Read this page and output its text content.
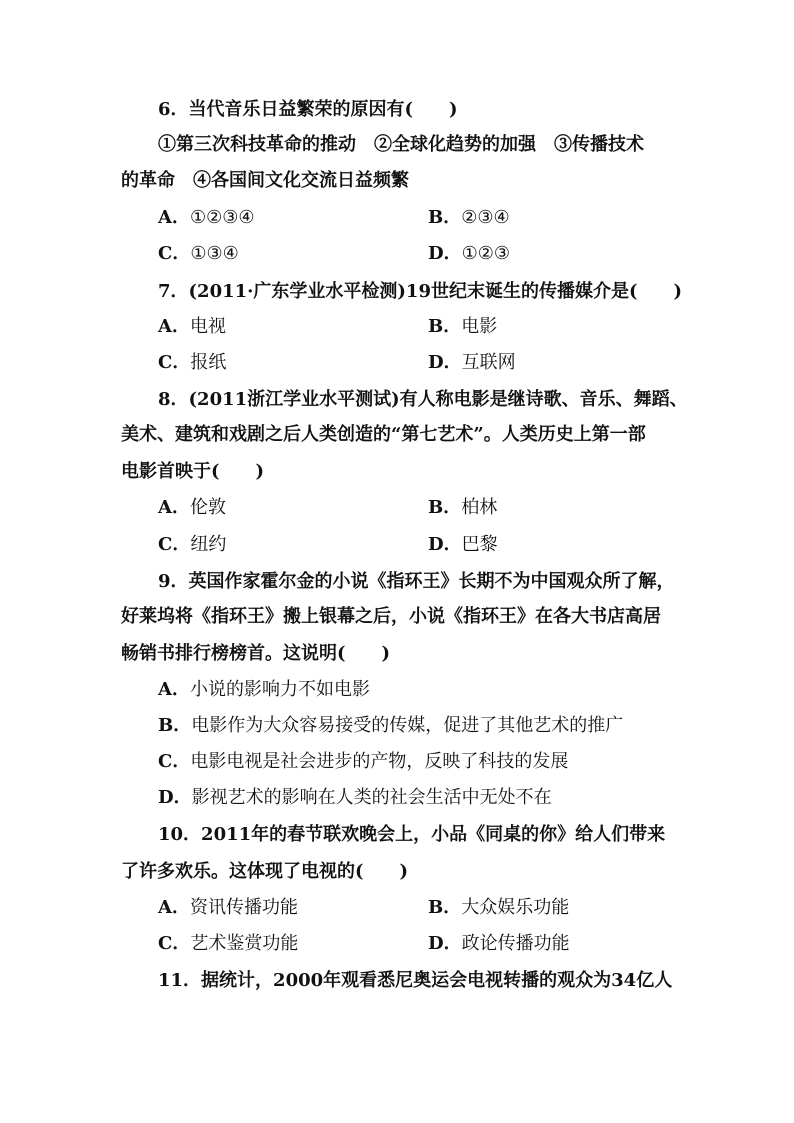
6．当代音乐日益繁荣的原因有(　　)
①第三次科技革命的推动　②全球化趋势的加强　③传播技术
的革命　④各国间文化交流日益频繁
A．①②③④	B．②③④
C．①③④	D．①②③
7．(2011·广东学业水平检测)19世纪末诞生的传播媒介是(　　)
A．电视	B．电影
C．报纸	D．互联网
8．(2011浙江学业水平测试)有人称电影是继诗歌、音乐、舞蹈、
美术、建筑和戏剧之后人类创造的“第七艺术”。人类历史上第一部
电影首映于(　　)
A．伦敦	B．柏林
C．纽约	D．巴黎
9．英国作家霍尔金的小说《指环王》长期不为中国观众所了解，
好莱坞将《指环王》搬上银幕之后，小说《指环王》在各大书店高居
畅销书排行榜榜首。这说明(　　)
A．小说的影响力不如电影
B．电影作为大众容易接受的传媒，促进了其他艺术的推广
C．电影电视是社会进步的产物，反映了科技的发展
D．影视艺术的影响在人类的社会生活中无处不在
10．2011年的春节联欢晚会上，小品《同桌的你》给人们带来
了许多欢乐。这体现了电视的(　　)
A．资讯传播功能	B．大众娱乐功能
C．艺术鉴赏功能	D．政论传播功能
11．据统计，2000年观看悉尼奥运会电视转播的观众为34亿人
